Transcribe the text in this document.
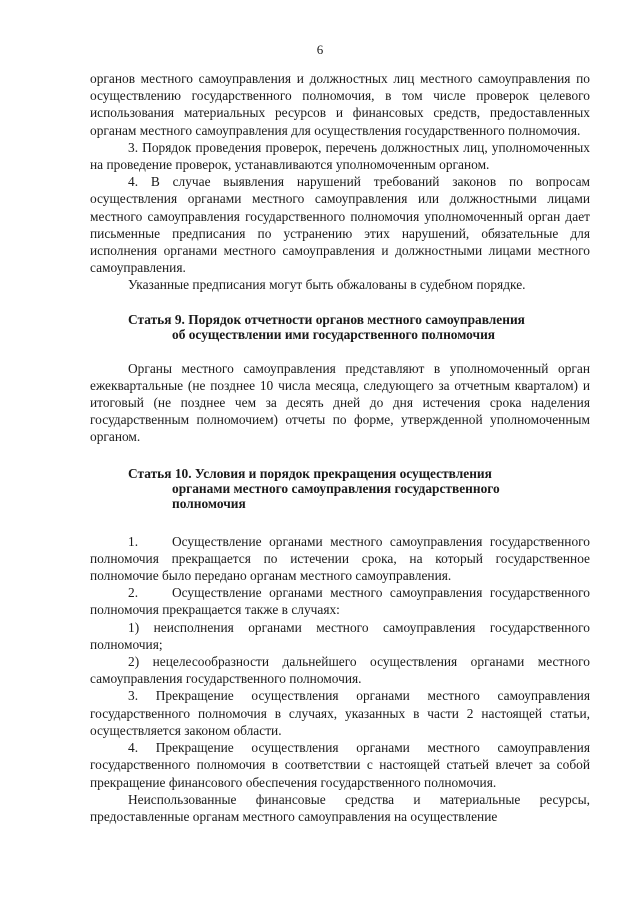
6

органов местного самоуправления и должностных лиц местного самоуправления по осуществлению государственного полномочия, в том числе проверок целевого использования материальных ресурсов и финансовых средств, предоставленных органам местного самоуправления для осуществления государственного полномочия.

3. Порядок проведения проверок, перечень должностных лиц, уполномоченных на проведение проверок, устанавливаются уполномоченным органом.

4. В случае выявления нарушений требований законов по вопросам осуществления органами местного самоуправления или должностными лицами местного самоуправления государственного полномочия уполномоченный орган дает письменные предписания по устранению этих нарушений, обязательные для исполнения органами местного самоуправления и должностными лицами местного самоуправления.

Указанные предписания могут быть обжалованы в судебном порядке.

Статья 9. Порядок отчетности органов местного самоуправления
об осуществлении ими государственного полномочия

Органы местного самоуправления представляют в уполномоченный орган ежеквартальные (не позднее 10 числа месяца, следующего за отчетным кварталом) и итоговый (не позднее чем за десять дней до дня истечения срока наделения государственным полномочием) отчеты по форме, утвержденной уполномоченным органом.

Статья 10. Условия и порядок прекращения осуществления
органами местного самоуправления государственного
полномочия

1.	Осуществление органами местного самоуправления государственного полномочия прекращается по истечении срока, на который государственное полномочие было передано органам местного самоуправления.

2.	Осуществление органами местного самоуправления государственного полномочия прекращается также в случаях:

1) неисполнения органами местного самоуправления государственного полномочия;

2) нецелесообразности дальнейшего осуществления органами местного самоуправления государственного полномочия.

3. Прекращение осуществления органами местного самоуправления государственного полномочия в случаях, указанных в части 2 настоящей статьи, осуществляется законом области.

4. Прекращение осуществления органами местного самоуправления государственного полномочия в соответствии с настоящей статьей влечет за собой прекращение финансового обеспечения государственного полномочия.

Неиспользованные финансовые средства и материальные ресурсы, предоставленные органам местного самоуправления на осуществление
